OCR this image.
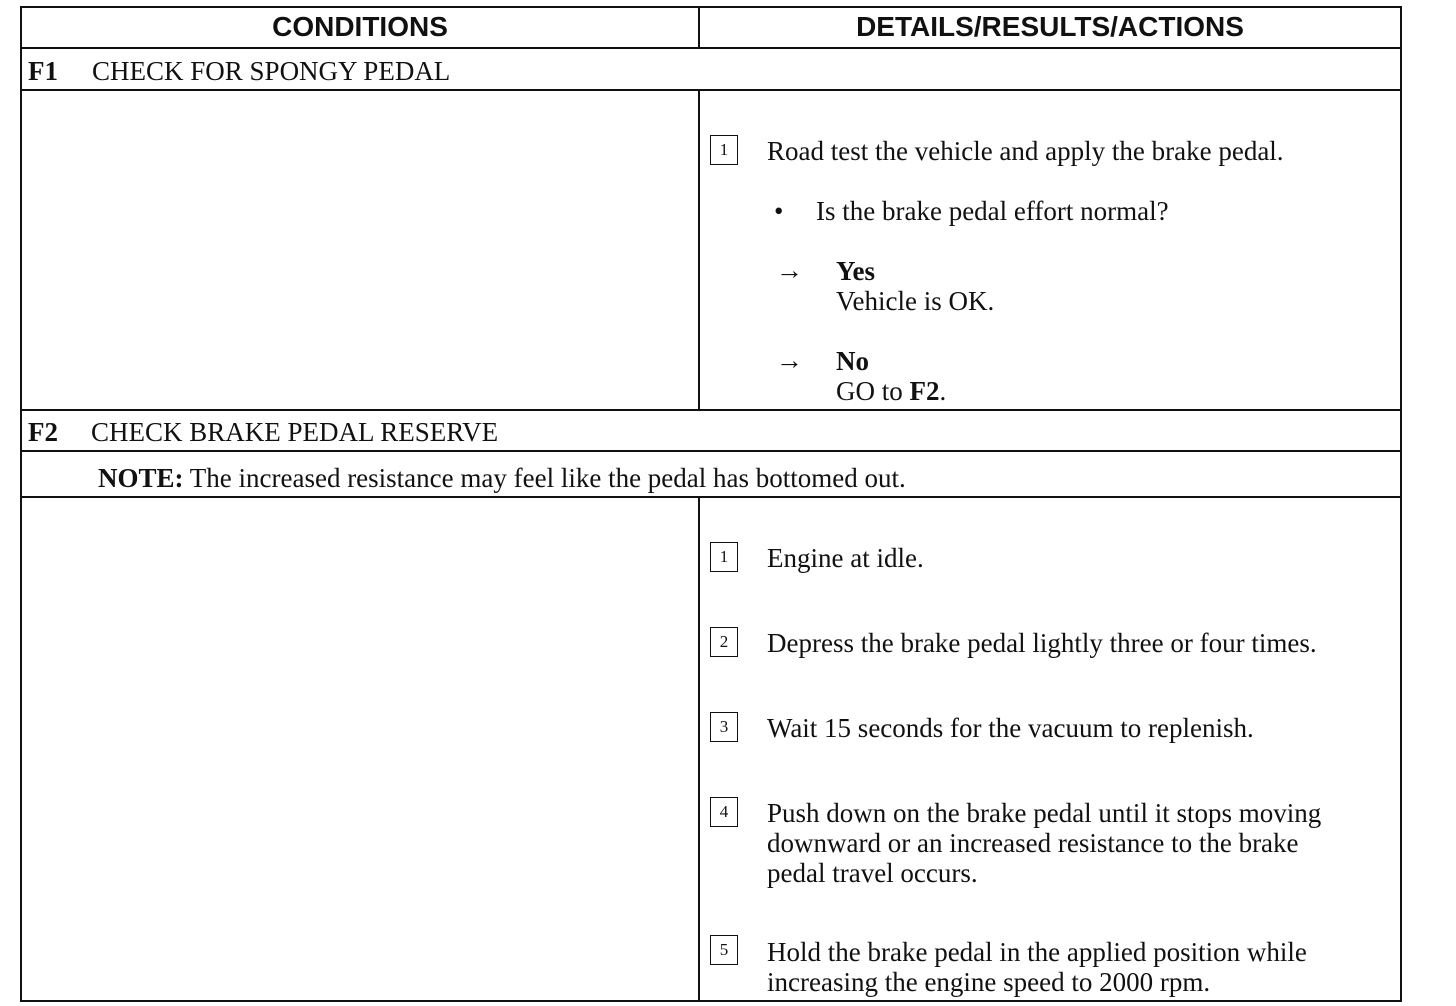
CONDITIONS	DETAILS/RESULTS/ACTIONS
F1 CHECK FOR SPONGY PEDAL
1	Road test the vehicle and apply the brake pedal.
• Is the brake pedal effort normal?
→ Yes
Vehicle is OK.
→ No
GO to F2.
F2 CHECK BRAKE PEDAL RESERVE
NOTE: The increased resistance may feel like the pedal has bottomed out.
1	Engine at idle.
2	Depress the brake pedal lightly three or four times.
3	Wait 15 seconds for the vacuum to replenish.
4	Push down on the brake pedal until it stops moving
downward or an increased resistance to the brake
pedal travel occurs.
5	Hold the brake pedal in the applied position while
increasing the engine speed to 2000 rpm.
